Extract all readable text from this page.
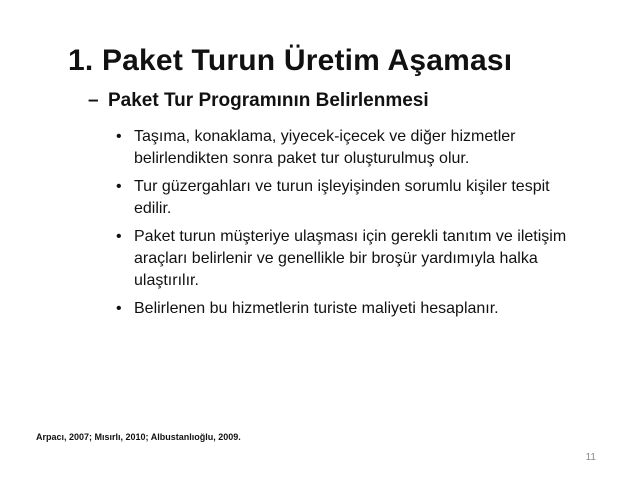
1. Paket Turun Üretim Aşaması
– Paket Tur Programının Belirlenmesi
• Taşıma, konaklama, yiyecek-içecek ve diğer hizmetler belirlendikten sonra paket tur oluşturulmuş olur.
• Tur güzergahları ve turun işleyişinden sorumlu kişiler tespit edilir.
• Paket turun müşteriye ulaşması için gerekli tanıtım ve iletişim araçları belirlenir ve genellikle bir broşür yardımıyla halka ulaştırılır.
• Belirlenen bu hizmetlerin turiste maliyeti hesaplanır.
Arpacı, 2007; Mısırlı, 2010; Albustanlıoğlu, 2009.
11
